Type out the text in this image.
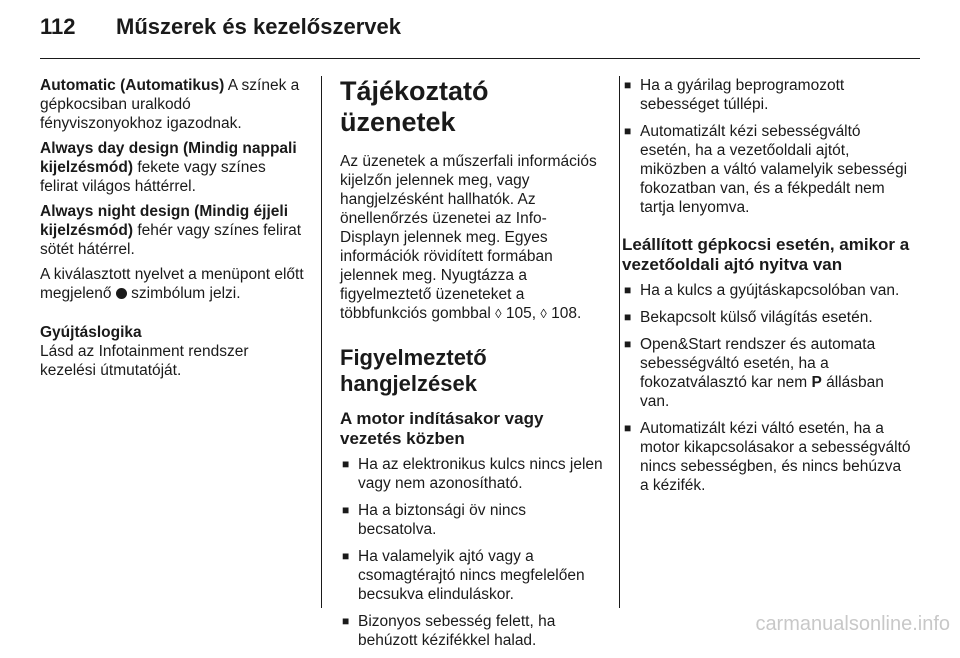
112	Műszerek és kezelőszervek

Automatic (Automatikus) A színek a gépkocsiban uralkodó fényviszonyokhoz igazodnak.

Always day design (Mindig nappali kijelzésmód) fekete vagy színes felirat világos háttérrel.

Always night design (Mindig éjjeli kijelzésmód) fehér vagy színes felirat sötét hátérrel.

A kiválasztott nyelvet a menüpont előtt megjelenő  szimbólum jelzi.

Gyújtáslogika
Lásd az Infotainment rendszer kezelési útmutatóját.

Tájékoztató üzenetek

Az üzenetek a műszerfali információs kijelzőn jelennek meg, vagy hangjelzésként hallhatók. Az önellenőrzés üzenetei az Info-Displayn jelennek meg. Egyes információk rövidített formában jelennek meg. Nyugtázza a figyelmeztető üzeneteket a többfunkciós gombbal ◊ 105, ◊ 108.

Figyelmeztető hangjelzések
A motor indításakor vagy vezetés közben
■ Ha az elektronikus kulcs nincs jelen vagy nem azonosítható.
■ Ha a biztonsági öv nincs becsatolva.
■ Ha valamelyik ajtó vagy a csomagtérajtó nincs megfelelően becsukva elinduláskor.
■ Bizonyos sebesség felett, ha behúzott kézifékkel halad.
■ Ha a gyárilag beprogramozott sebességet túllépi.
■ Automatizált kézi sebességváltó esetén, ha a vezetőoldali ajtót, miközben a váltó valamelyik sebességi fokozatban van, és a fékpedált nem tartja lenyomva.
Leállított gépkocsi esetén, amikor a vezetőoldali ajtó nyitva van
■ Ha a kulcs a gyújtáskapcsolóban van.
■ Bekapcsolt külső világítás esetén.
■ Open&Start rendszer és automata sebességváltó esetén, ha a fokozatválasztó kar nem P állásban van.
■ Automatizált kézi váltó esetén, ha a motor kikapcsolásakor a sebességváltó nincs sebességben, és nincs behúzva a kézifék.
carmanualsonline.info
